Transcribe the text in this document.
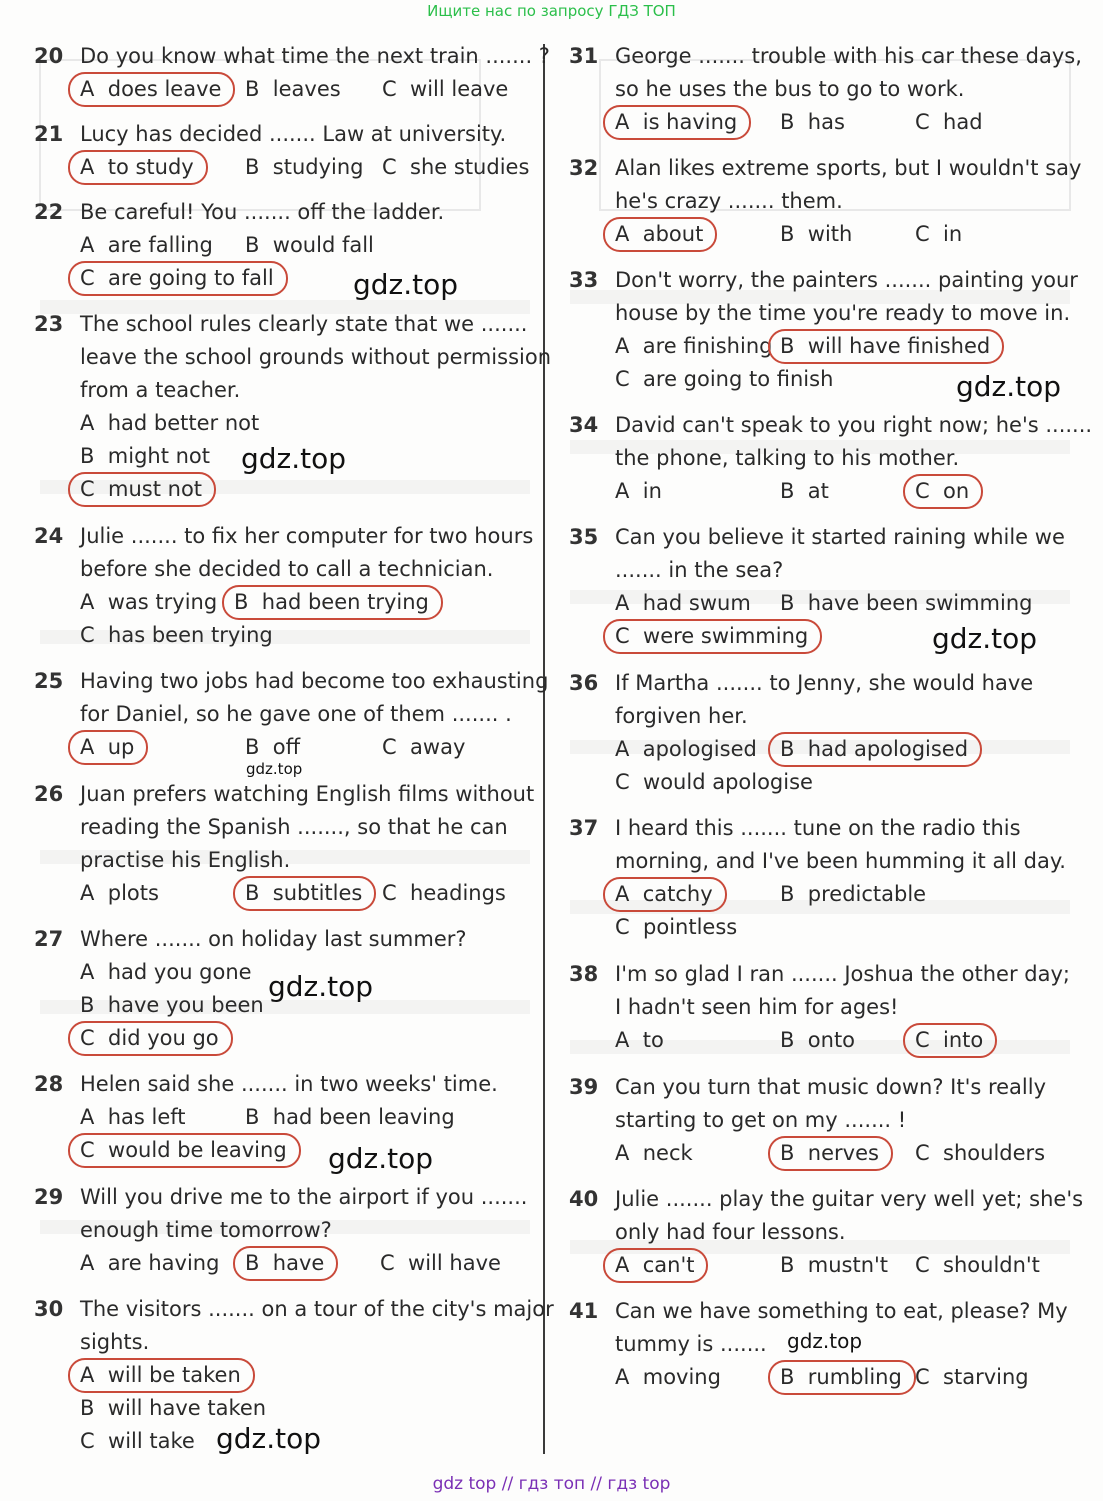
Ищите нас по запросу ГДЗ ТОП
20 Do you know what time the next train ....... ?
A does leave B leaves C will leave
21 Lucy has decided ....... Law at university.
A to study B studying C she studies
22 Be careful! You ....... off the ladder.
A are falling B would fall
C are going to fall
23 The school rules clearly state that we .......
leave the school grounds without permission
from a teacher.
A had better not
B might not
C must not
24 Julie ....... to fix her computer for two hours
before she decided to call a technician.
A was trying B had been trying
C has been trying
25 Having two jobs had become too exhausting
for Daniel, so he gave one of them ....... .
A up	B off	C away
26 Juan prefers watching English films without
reading the Spanish ......., so that he can
practise his English.
A plots	B subtitles C headings
27 Where ....... on holiday last summer?
A had you gone
B have you been
C did you go
28 Helen said she ....... in two weeks' time.
A has left	B had been leaving
C would be leaving
29 Will you drive me to the airport if you .......
enough time tomorrow?
A are having B have	C will have
30 The visitors ....... on a tour of the city's major
sights.
A will be taken
B will have taken
C will take
31 George ....... trouble with his car these days,
so he uses the bus to go to work.
A is having B has	C had
32 Alan likes extreme sports, but I wouldn't say
he's crazy ....... them.
A about	B with	C in
33 Don't worry, the painters ....... painting your
house by the time you're ready to move in.
A are finishing B will have finished
C are going to finish
34 David can't speak to you right now; he's .......
the phone, talking to his mother.
A in	B at	C on
35 Can you believe it started raining while we
....... in the sea?
A had swum B have been swimming
C were swimming
36 If Martha ....... to Jenny, she would have
forgiven her.
A apologised B had apologised
C would apologise
37 I heard this ....... tune on the radio this
morning, and I've been humming it all day.
A catchy	B predictable
C pointless
38 I'm so glad I ran ....... Joshua the other day;
I hadn't seen him for ages!
A to	B onto	C into
39 Can you turn that music down? It's really
starting to get on my ....... !
A neck	B nerves C shoulders
40 Julie ....... play the guitar very well yet; she's
only had four lessons.
A can't	B mustn't C shouldn't
41 Can we have something to eat, please? My
tummy is .......
A moving	B rumbling C starving
gdz.top
gdz.top
gdz.top
gdz.top
gdz.top
gdz.top
gdz.top
gdz.top
gdz.top
gdz top // гдз топ // гдз top
